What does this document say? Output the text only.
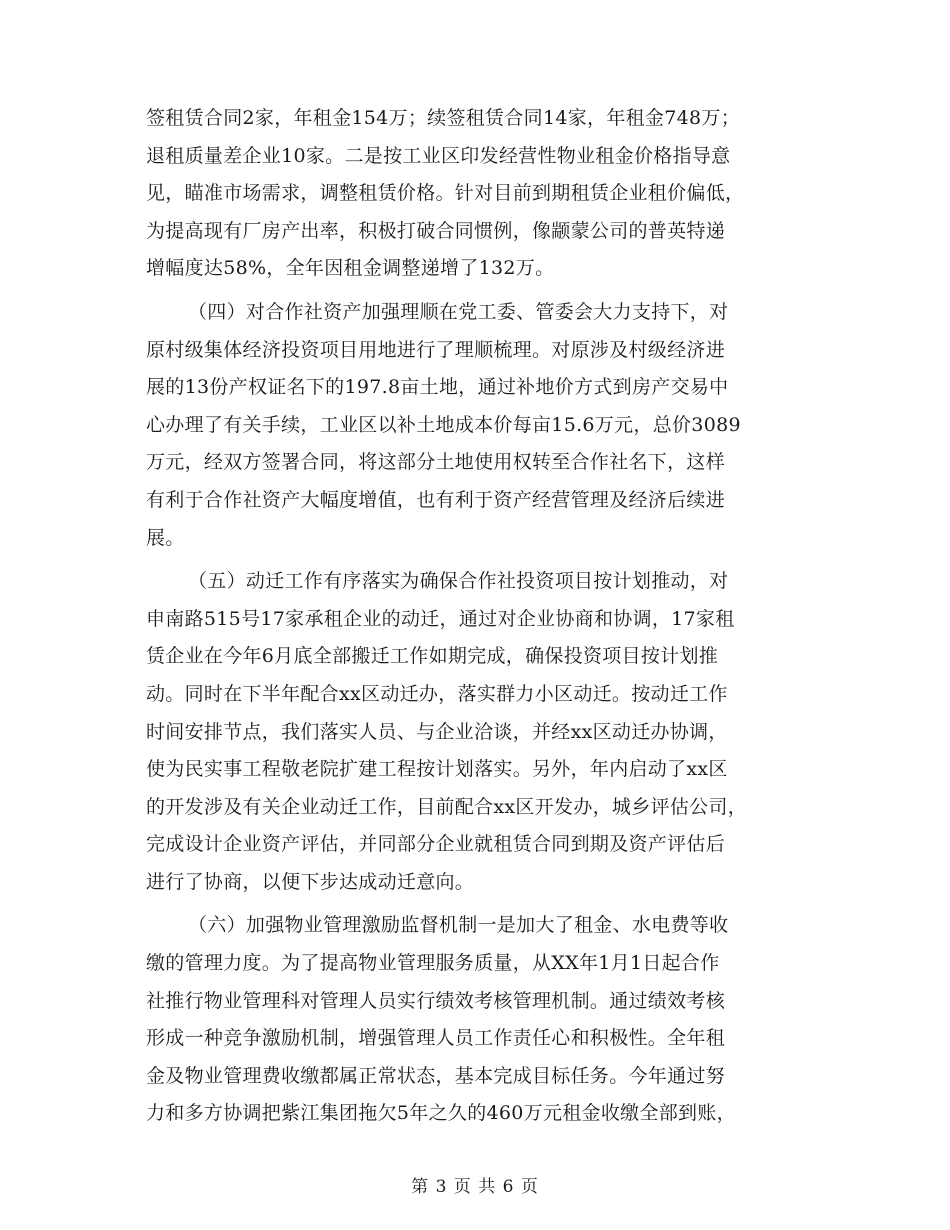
签租赁合同2家，年租金154万；续签租赁合同14家，年租金748万；
退租质量差企业10家。二是按工业区印发经营性物业租金价格指导意
见，瞄准市场需求，调整租赁价格。针对目前到期租赁企业租价偏低，
为提高现有厂房产出率，积极打破合同惯例，像颛蒙公司的普英特递
增幅度达58%，全年因租金调整递增了132万。
（四）对合作社资产加强理顺在党工委、管委会大力支持下，对
原村级集体经济投资项目用地进行了理顺梳理。对原涉及村级经济进
展的13份产权证名下的197.8亩土地，通过补地价方式到房产交易中
心办理了有关手续，工业区以补土地成本价每亩15.6万元，总价3089
万元，经双方签署合同，将这部分土地使用权转至合作社名下，这样
有利于合作社资产大幅度增值，也有利于资产经营管理及经济后续进
展。
（五）动迁工作有序落实为确保合作社投资项目按计划推动，对
申南路515号17家承租企业的动迁，通过对企业协商和协调，17家租
赁企业在今年6月底全部搬迁工作如期完成，确保投资项目按计划推
动。同时在下半年配合xx区动迁办，落实群力小区动迁。按动迁工作
时间安排节点，我们落实人员、与企业洽谈，并经xx区动迁办协调，
使为民实事工程敬老院扩建工程按计划落实。另外，年内启动了xx区
的开发涉及有关企业动迁工作，目前配合xx区开发办，城乡评估公司，
完成设计企业资产评估，并同部分企业就租赁合同到期及资产评估后
进行了协商，以便下步达成动迁意向。
（六）加强物业管理激励监督机制一是加大了租金、水电费等收
缴的管理力度。为了提高物业管理服务质量，从XX年1月1日起合作
社推行物业管理科对管理人员实行绩效考核管理机制。通过绩效考核
形成一种竞争激励机制，增强管理人员工作责任心和积极性。全年租
金及物业管理费收缴都属正常状态，基本完成目标任务。今年通过努
力和多方协调把紫江集团拖欠5年之久的460万元租金收缴全部到账，
第 3 页 共 6 页
